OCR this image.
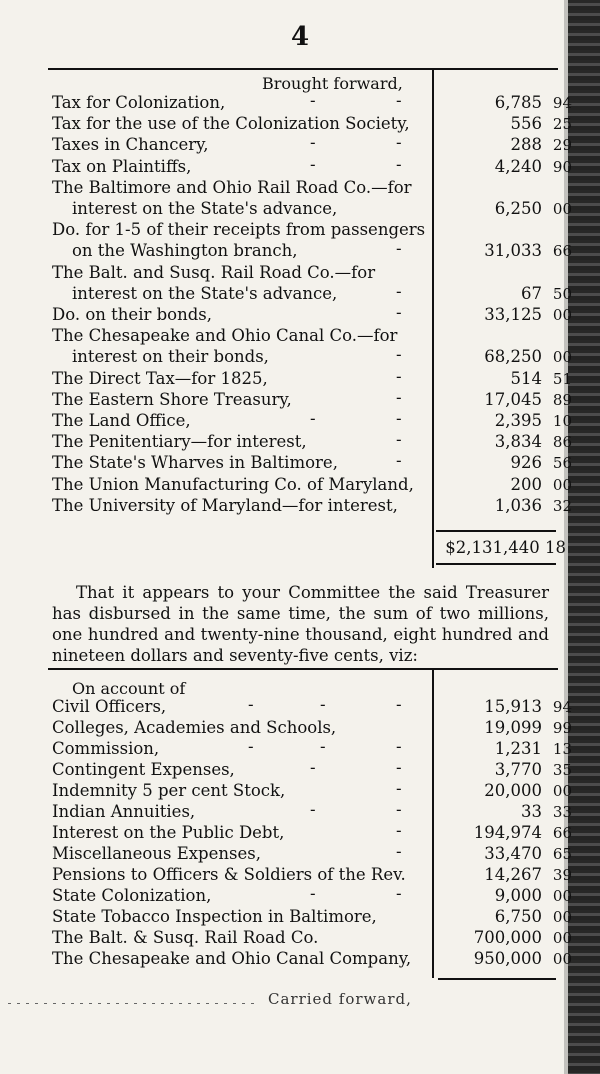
4
Brought forward,
Tax for Colonization,	-	-	6,785 94
Tax for the use of the Colonization Society,	556 25
Taxes in Chancery,	-	-	288 29
Tax on Plaintiffs,	-	-	4,240 90
The Baltimore and Ohio Rail Road Co.—for
interest on the State's advance,	6,250 00
Do. for 1-5 of their receipts from passengers
on the Washington branch,	-	31,033 66
The Balt. and Susq. Rail Road Co.—for
interest on the State's advance,	-	67 50
Do. on their bonds,	-	33,125 00
The Chesapeake and Ohio Canal Co.—for
interest on their bonds,	-	68,250 00
The Direct Tax—for 1825,	-	514 51
The Eastern Shore Treasury,	-	17,045 89
The Land Office,	-	-	2,395 10
The Penitentiary—for interest,	-	3,834 86
The State's Wharves in Baltimore,	-	926 56
The Union Manufacturing Co. of Maryland,	200 00
The University of Maryland—for interest,	1,036 32
$2,131,440 18

That it appears to your Committee the said Treasurer has disbursed in the same time, the sum of two millions, one hundred and twenty-nine thousand, eight hundred and nineteen dollars and seventy-five cents, viz:

On account of
Civil Officers,	-	-	-	15,913 94
Colleges, Academies and Schools,	19,099 99
Commission,	-	-	-	1,231 13
Contingent Expenses,	-	-	3,770 35
Indemnity 5 per cent Stock,	-	20,000 00
Indian Annuities,	-	-	33 33
Interest on the Public Debt,	-	194,974 66
Miscellaneous Expenses,	-	33,470 65
Pensions to Officers & Soldiers of the Rev.	14,267 39
State Colonization,	-	-	9,000 00
State Tobacco Inspection in Baltimore,	6,750 00
The Balt. & Susq. Rail Road Co.	700,000 00
The Chesapeake and Ohio Canal Company,	950,000 00
Carried forward,
